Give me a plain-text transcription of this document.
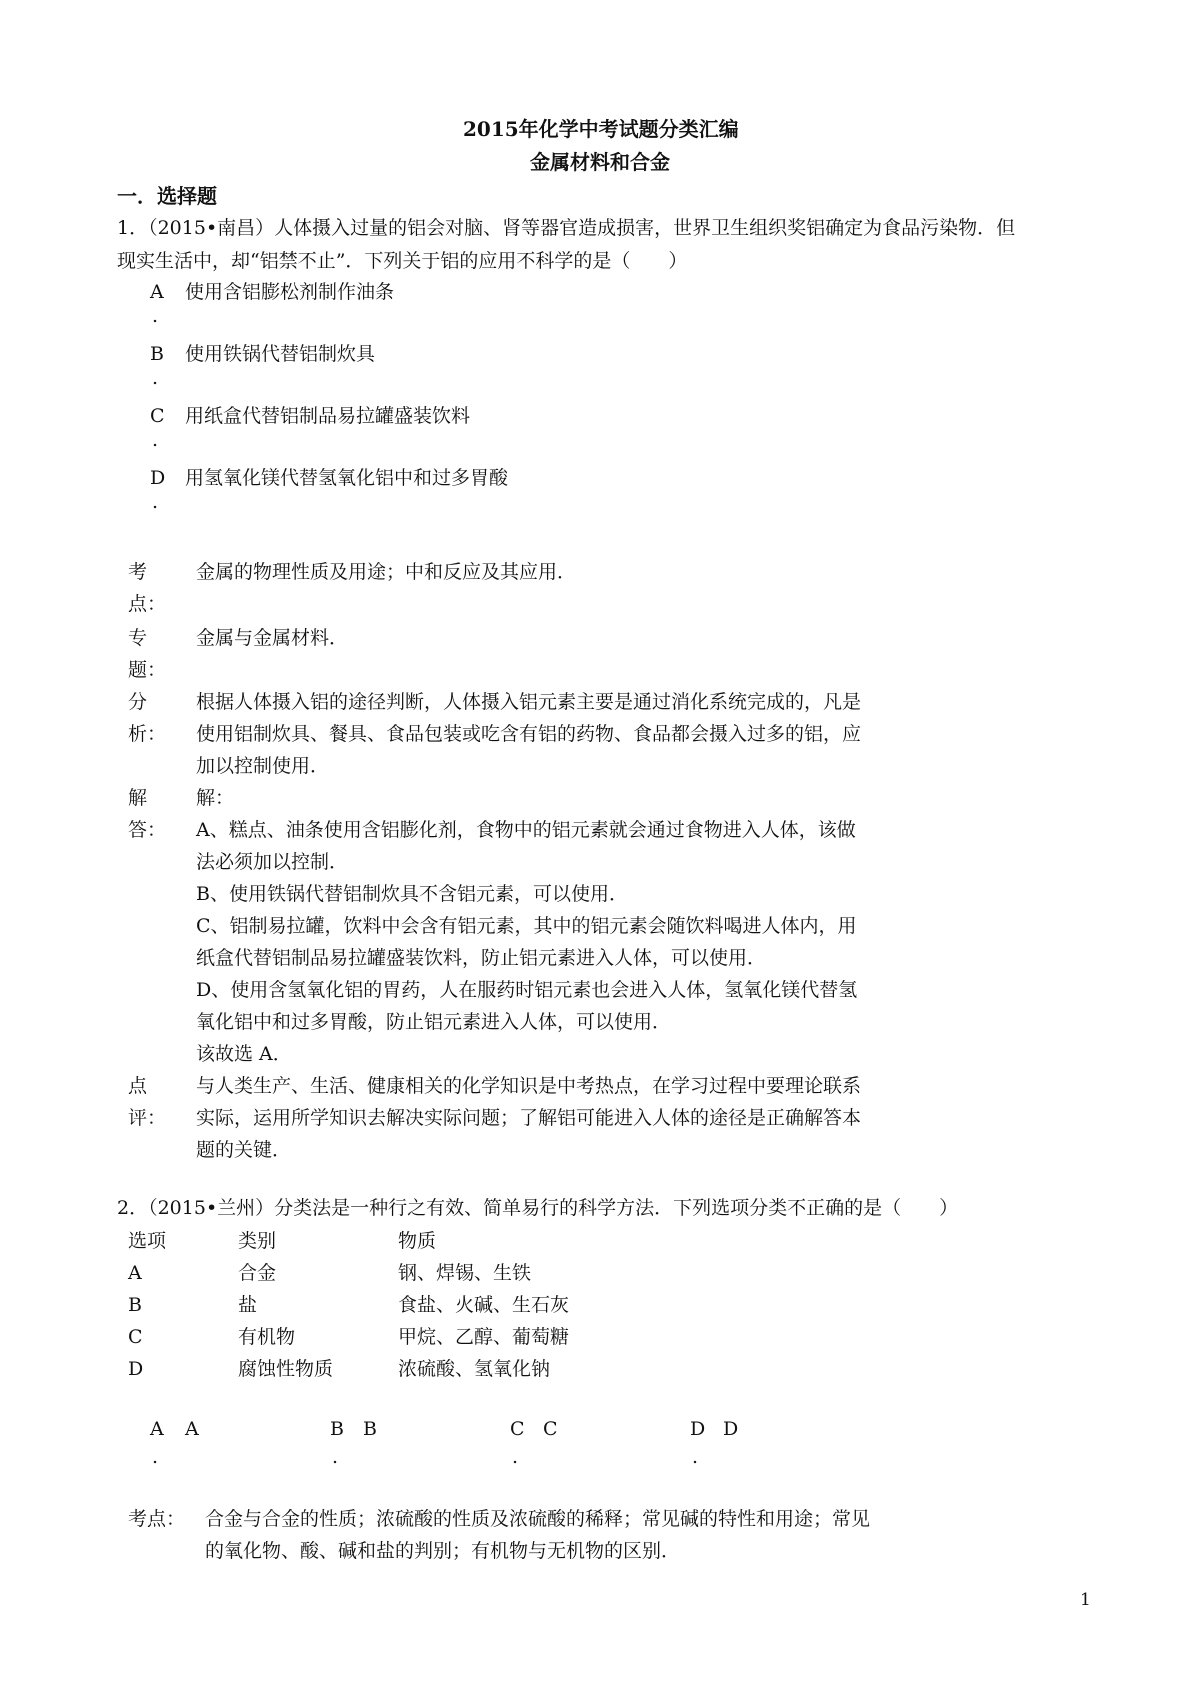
2015年化学中考试题分类汇编
金属材料和合金
一．选择题
1．（2015•南昌）人体摄入过量的铝会对脑、肾等器官造成损害，世界卫生组织奖铝确定为食品污染物．但
现实生活中，却“铝禁不止”．下列关于铝的应用不科学的是（　　）
A 使用含铝膨松剂制作油条
.
B 使用铁锅代替铝制炊具
.
C 用纸盒代替铝制品易拉罐盛装饮料
.
D 用氢氧化镁代替氢氧化铝中和过多胃酸
.
考
点：
金属的物理性质及用途；中和反应及其应用．
专
题：
金属与金属材料．
分
析：
根据人体摄入铝的途径判断，人体摄入铝元素主要是通过消化系统完成的，凡是
使用铝制炊具、餐具、食品包装或吃含有铝的药物、食品都会摄入过多的铝，应
加以控制使用．
解
答：
解：
A、糕点、油条使用含铝膨化剂，食物中的铝元素就会通过食物进入人体，该做
法必须加以控制．
B、使用铁锅代替铝制炊具不含铝元素，可以使用．
C、铝制易拉罐，饮料中会含有铝元素，其中的铝元素会随饮料喝进人体内，用
纸盒代替铝制品易拉罐盛装饮料，防止铝元素进入人体，可以使用．
D、使用含氢氧化铝的胃药，人在服药时铝元素也会进入人体，氢氧化镁代替氢
氧化铝中和过多胃酸，防止铝元素进入人体，可以使用．
该故选 A．
点
评：
与人类生产、生活、健康相关的化学知识是中考热点，在学习过程中要理论联系
实际，运用所学知识去解决实际问题；了解铝可能进入人体的途径是正确解答本
题的关键．
2．（2015•兰州）分类法是一种行之有效、简单易行的科学方法．下列选项分类不正确的是（　　）
选项	类别	物质
A	合金	钢、焊锡、生铁
B	盐	食盐、火碱、生石灰
C	有机物	甲烷、乙醇、葡萄糖
D	腐蚀性物质	浓硫酸、氢氧化钠
A A
.
B B
.
C C
.
D D
.
考点： 合金与合金的性质；浓硫酸的性质及浓硫酸的稀释；常见碱的特性和用途；常见
的氧化物、酸、碱和盐的判别；有机物与无机物的区别．
1
